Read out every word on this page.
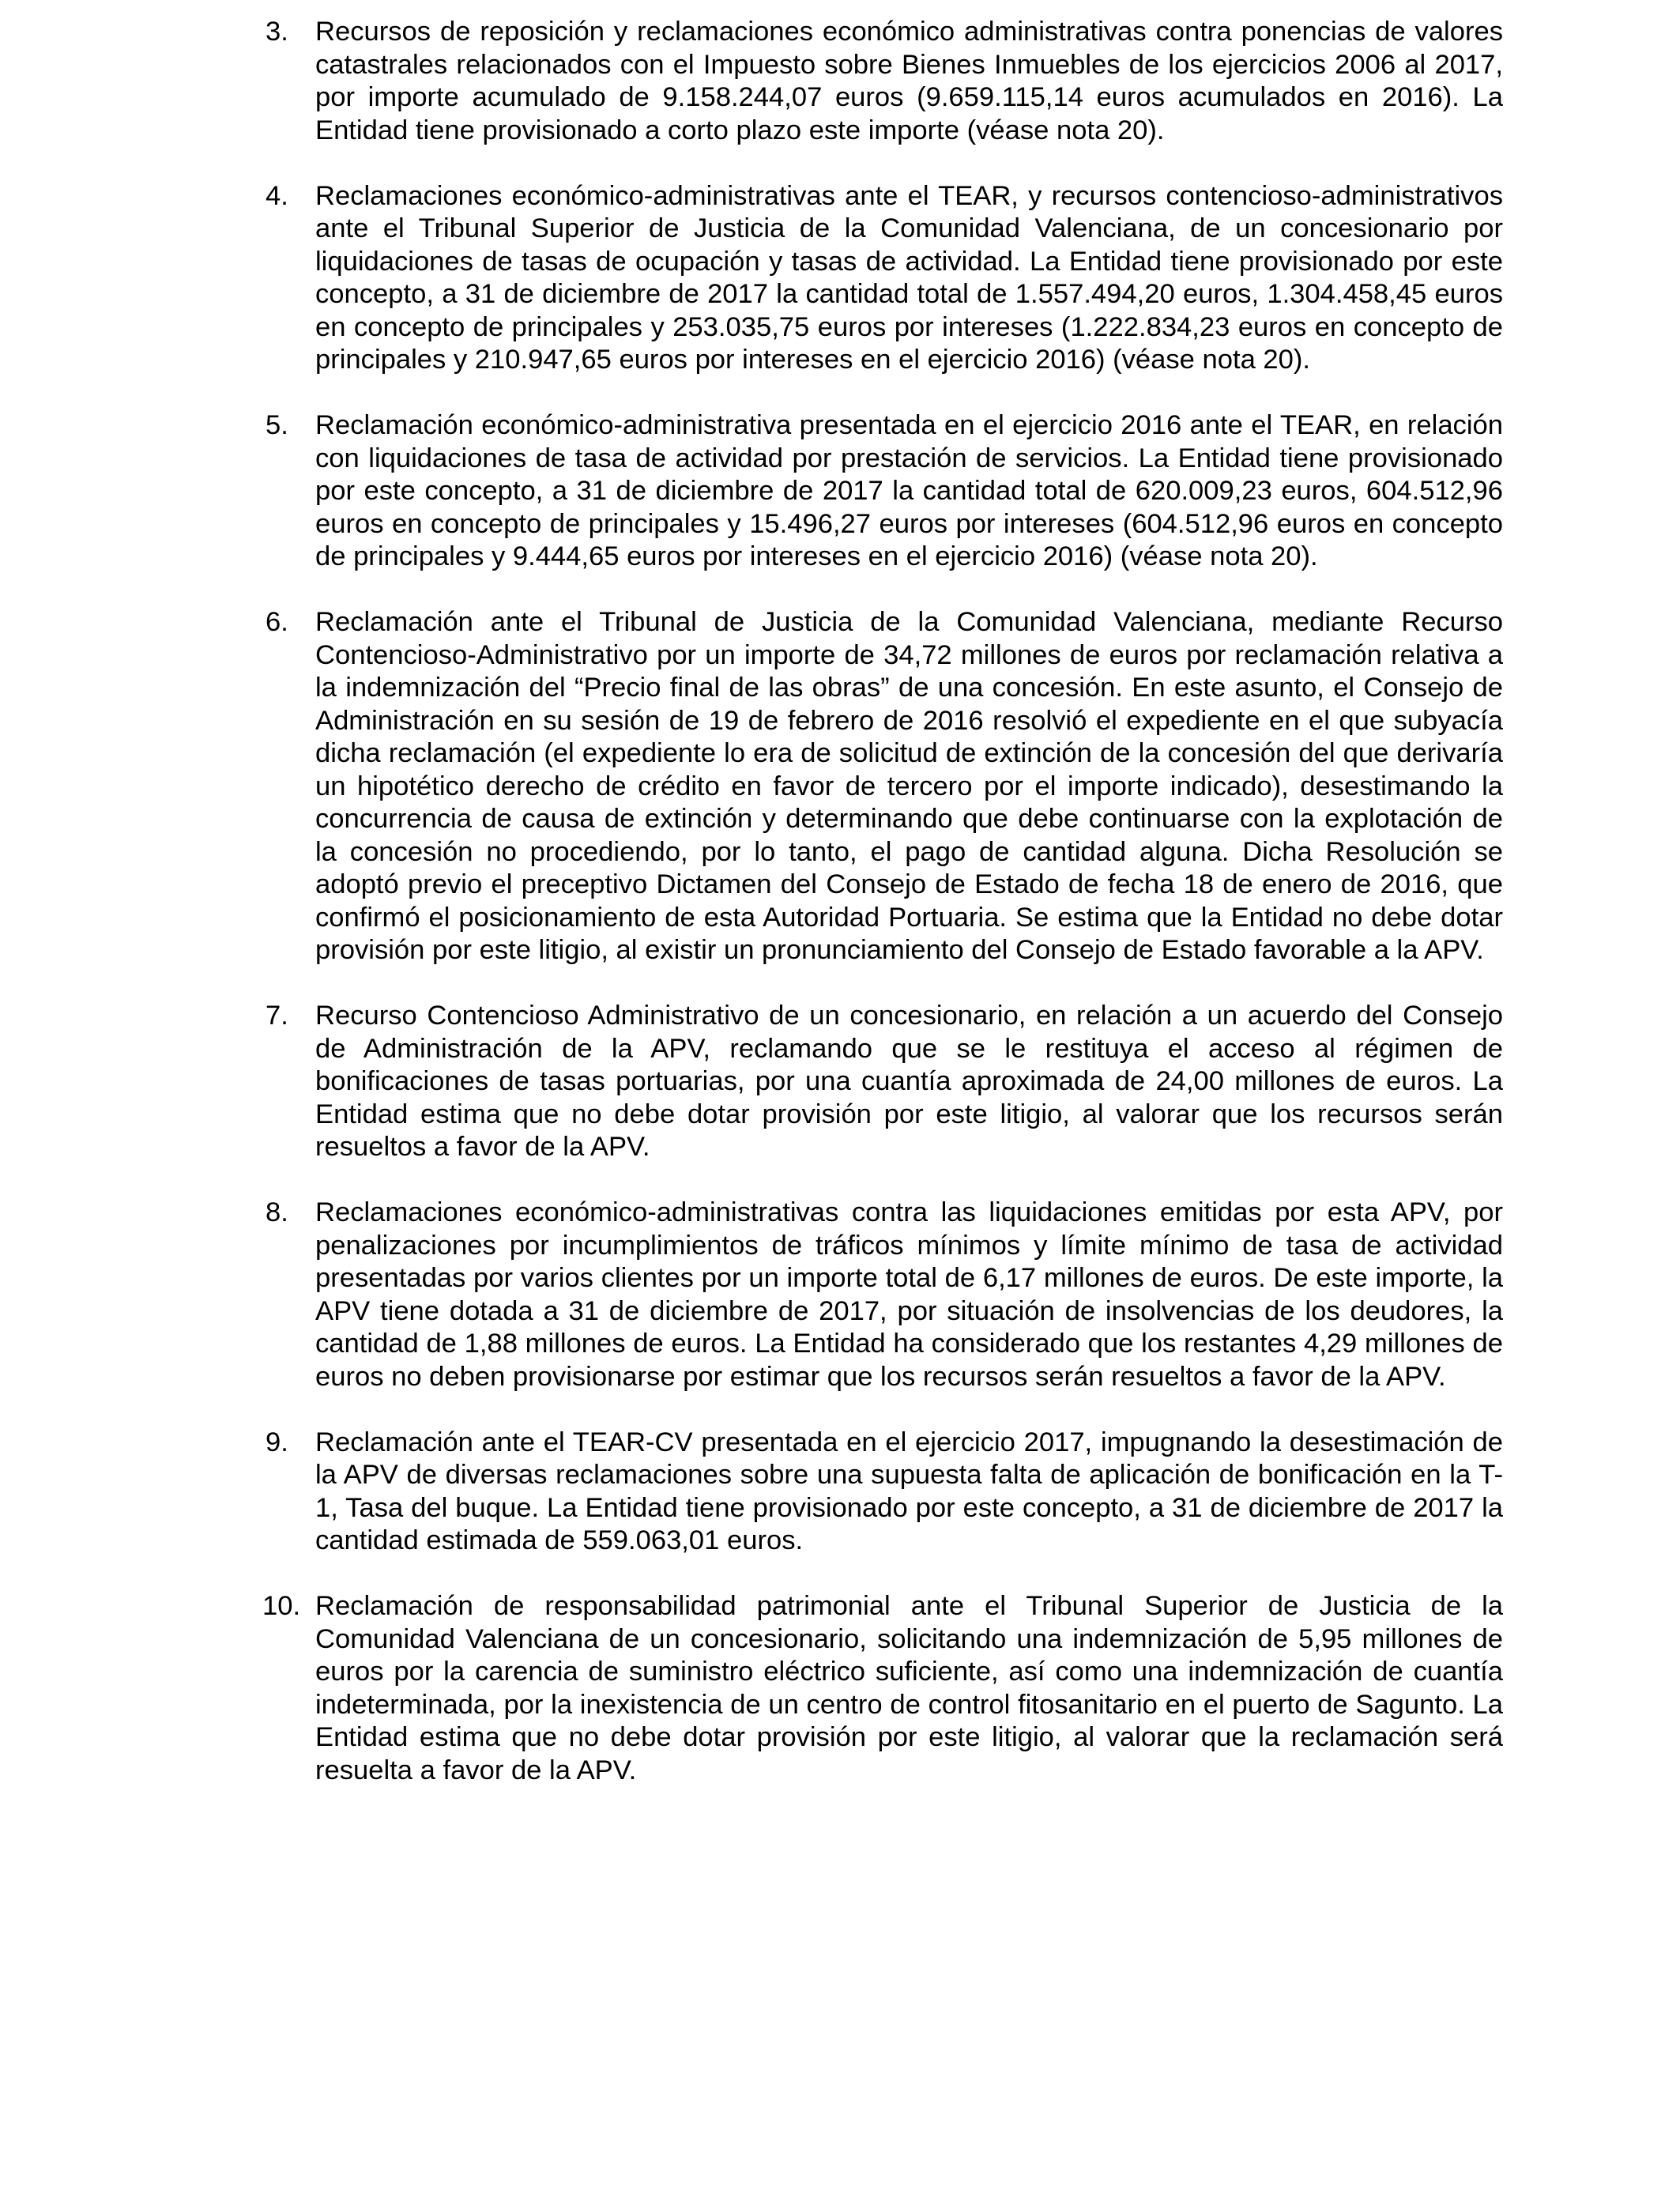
3. Recursos de reposición y reclamaciones económico administrativas contra ponencias de valores catastrales relacionados con el Impuesto sobre Bienes Inmuebles de los ejercicios 2006 al 2017, por importe acumulado de 9.158.244,07 euros (9.659.115,14 euros acumulados en 2016). La Entidad tiene provisionado a corto plazo este importe (véase nota 20).
4. Reclamaciones económico-administrativas ante el TEAR, y recursos contencioso-administrativos ante el Tribunal Superior de Justicia de la Comunidad Valenciana, de un concesionario por liquidaciones de tasas de ocupación y tasas de actividad. La Entidad tiene provisionado por este concepto, a 31 de diciembre de 2017 la cantidad total de 1.557.494,20 euros, 1.304.458,45 euros en concepto de principales y 253.035,75 euros por intereses (1.222.834,23 euros en concepto de principales y 210.947,65 euros por intereses en el ejercicio 2016) (véase nota 20).
5. Reclamación económico-administrativa presentada en el ejercicio 2016 ante el TEAR, en relación con liquidaciones de tasa de actividad por prestación de servicios. La Entidad tiene provisionado por este concepto, a 31 de diciembre de 2017 la cantidad total de 620.009,23 euros, 604.512,96 euros en concepto de principales y 15.496,27 euros por intereses (604.512,96 euros en concepto de principales y 9.444,65 euros por intereses en el ejercicio 2016) (véase nota 20).
6. Reclamación ante el Tribunal de Justicia de la Comunidad Valenciana, mediante Recurso Contencioso-Administrativo por un importe de 34,72 millones de euros por reclamación relativa a la indemnización del “Precio final de las obras” de una concesión. En este asunto, el Consejo de Administración en su sesión de 19 de febrero de 2016 resolvió el expediente en el que subyacía dicha reclamación (el expediente lo era de solicitud de extinción de la concesión del que derivaría un hipotético derecho de crédito en favor de tercero por el importe indicado), desestimando la concurrencia de causa de extinción y determinando que debe continuarse con la explotación de la concesión no procediendo, por lo tanto, el pago de cantidad alguna. Dicha Resolución se adoptó previo el preceptivo Dictamen del Consejo de Estado de fecha 18 de enero de 2016, que confirmó el posicionamiento de esta Autoridad Portuaria. Se estima que la Entidad no debe dotar provisión por este litigio, al existir un pronunciamiento del Consejo de Estado favorable a la APV.
7. Recurso Contencioso Administrativo de un concesionario, en relación a un acuerdo del Consejo de Administración de la APV, reclamando que se le restituya el acceso al régimen de bonificaciones de tasas portuarias, por una cuantía aproximada de 24,00 millones de euros. La Entidad estima que no debe dotar provisión por este litigio, al valorar que los recursos serán resueltos a favor de la APV.
8. Reclamaciones económico-administrativas contra las liquidaciones emitidas por esta APV, por penalizaciones por incumplimientos de tráficos mínimos y límite mínimo de tasa de actividad presentadas por varios clientes por un importe total de 6,17 millones de euros. De este importe, la APV tiene dotada a 31 de diciembre de 2017, por situación de insolvencias de los deudores, la cantidad de 1,88 millones de euros. La Entidad ha considerado que los restantes 4,29 millones de euros no deben provisionarse por estimar que los recursos serán resueltos a favor de la APV.
9. Reclamación ante el TEAR-CV presentada en el ejercicio 2017, impugnando la desestimación de la APV de diversas reclamaciones sobre una supuesta falta de aplicación de bonificación en la T-1, Tasa del buque. La Entidad tiene provisionado por este concepto, a 31 de diciembre de 2017 la cantidad estimada de 559.063,01 euros.
10. Reclamación de responsabilidad patrimonial ante el Tribunal Superior de Justicia de la Comunidad Valenciana de un concesionario, solicitando una indemnización de 5,95 millones de euros por la carencia de suministro eléctrico suficiente, así como una indemnización de cuantía indeterminada, por la inexistencia de un centro de control fitosanitario en el puerto de Sagunto. La Entidad estima que no debe dotar provisión por este litigio, al valorar que la reclamación será resuelta a favor de la APV.
